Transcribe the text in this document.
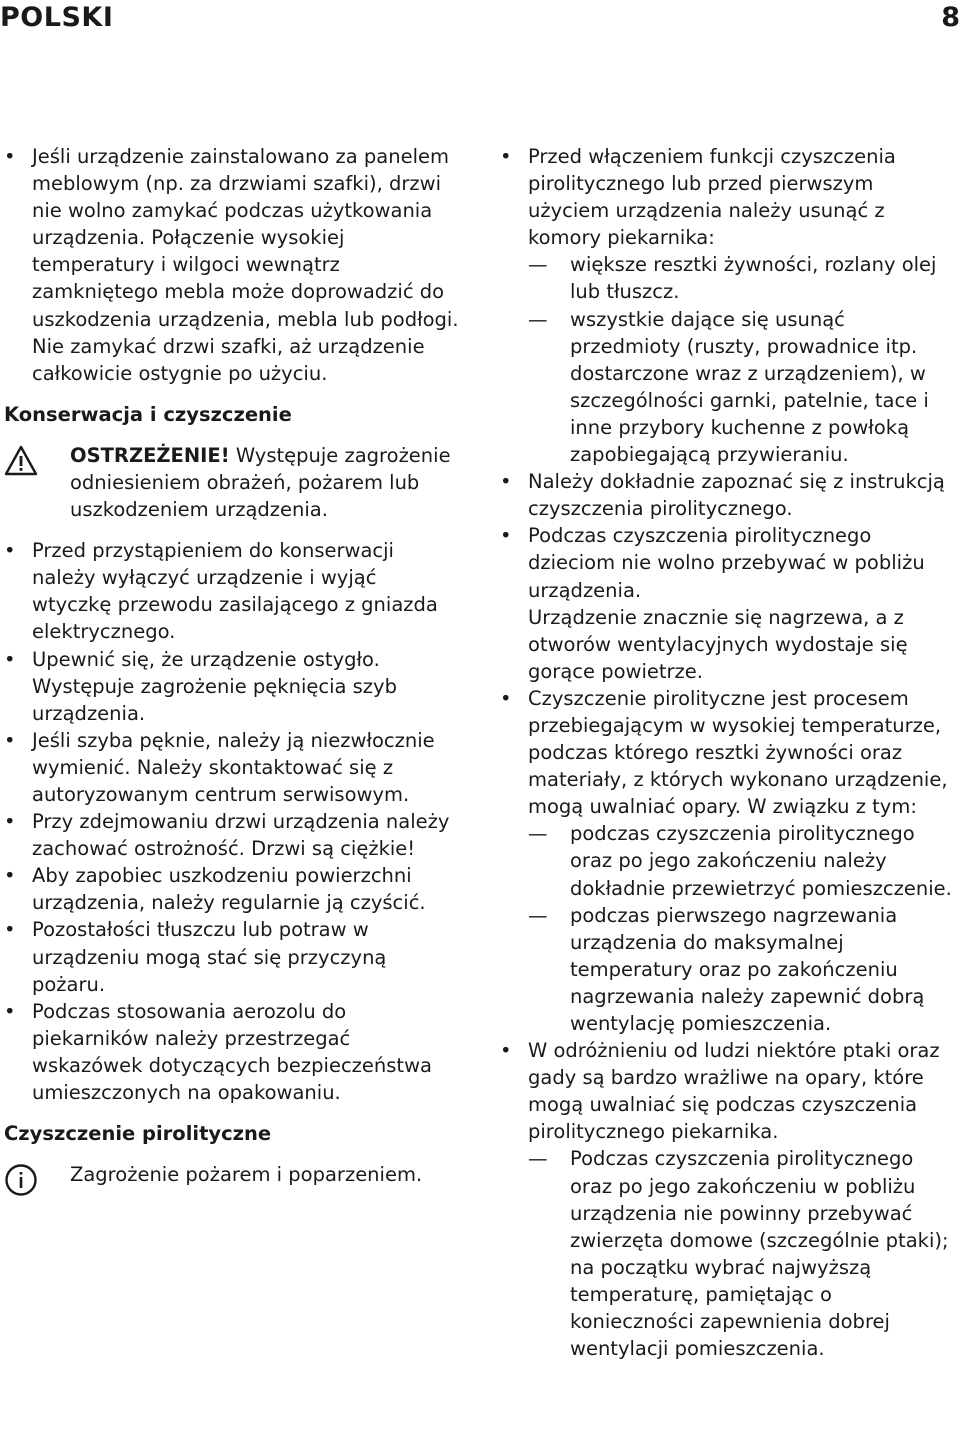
POLSKI	8
• Jeśli urządzenie zainstalowano za panelem meblowym (np. za drzwiami szafki), drzwi nie wolno zamykać podczas użytkowania urządzenia. Połączenie wysokiej temperatury i wilgoci wewnątrz zamkniętego mebla może doprowadzić do uszkodzenia urządzenia, mebla lub podłogi. Nie zamykać drzwi szafki, aż urządzenie całkowicie ostygnie po użyciu.
Konserwacja i czyszczenie
OSTRZEŻENIE! Występuje zagrożenie odniesieniem obrażeń, pożarem lub uszkodzeniem urządzenia.
• Przed przystąpieniem do konserwacji należy wyłączyć urządzenie i wyjąć wtyczkę przewodu zasilającego z gniazda elektrycznego.
• Upewnić się, że urządzenie ostygło. Występuje zagrożenie pęknięcia szyb urządzenia.
• Jeśli szyba pęknie, należy ją niezwłocznie wymienić. Należy skontaktować się z autoryzowanym centrum serwisowym.
• Przy zdejmowaniu drzwi urządzenia należy zachować ostrożność. Drzwi są ciężkie!
• Aby zapobiec uszkodzeniu powierzchni urządzenia, należy regularnie ją czyścić.
• Pozostałości tłuszczu lub potraw w urządzeniu mogą stać się przyczyną pożaru.
• Podczas stosowania aerozolu do piekarników należy przestrzegać wskazówek dotyczących bezpieczeństwa umieszczonych na opakowaniu.
Czyszczenie pirolityczne
Zagrożenie pożarem i poparzeniem.
• Przed włączeniem funkcji czyszczenia pirolitycznego lub przed pierwszym użyciem urządzenia należy usunąć z komory piekarnika:
— większe resztki żywności, rozlany olej lub tłuszcz.
— wszystkie dające się usunąć przedmioty (ruszty, prowadnice itp. dostarczone wraz z urządzeniem), w szczególności garnki, patelnie, tace i inne przybory kuchenne z powłoką zapobiegającą przywieraniu.
• Należy dokładnie zapoznać się z instrukcją czyszczenia pirolitycznego.
• Podczas czyszczenia pirolitycznego dzieciom nie wolno przebywać w pobliżu urządzenia.
Urządzenie znacznie się nagrzewa, a z otworów wentylacyjnych wydostaje się gorące powietrze.
• Czyszczenie pirolityczne jest procesem przebiegającym w wysokiej temperaturze, podczas którego resztki żywności oraz materiały, z których wykonano urządzenie, mogą uwalniać opary. W związku z tym:
— podczas czyszczenia pirolitycznego oraz po jego zakończeniu należy dokładnie przewietrzyć pomieszczenie.
— podczas pierwszego nagrzewania urządzenia do maksymalnej temperatury oraz po zakończeniu nagrzewania należy zapewnić dobrą wentylację pomieszczenia.
• W odróżnieniu od ludzi niektóre ptaki oraz gady są bardzo wrażliwe na opary, które mogą uwalniać się podczas czyszczenia pirolitycznego piekarnika.
— Podczas czyszczenia pirolitycznego oraz po jego zakończeniu w pobliżu urządzenia nie powinny przebywać zwierzęta domowe (szczególnie ptaki); na początku wybrać najwyższą temperaturę, pamiętając o konieczności zapewnienia dobrej wentylacji pomieszczenia.
